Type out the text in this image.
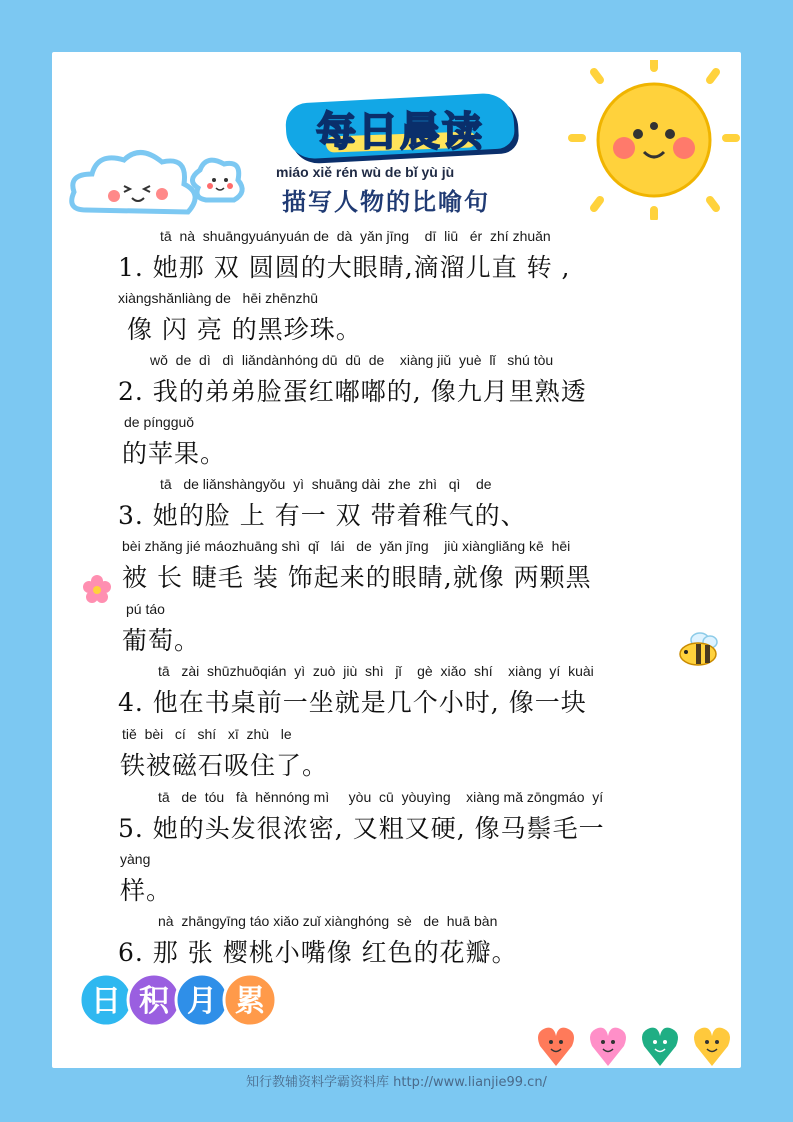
每日晨读
miáo xiě rén wù de bǐ yù jù
描写人物的比喻句
tā  nà  shuāngyuányuán de  dà  yǎn jīng    dī  liū   ér  zhí zhuǎn
1. 她那 双 圆圆的大眼睛,滴溜儿直 转 ,
xiàngshǎnliàng de   hēi zhēnzhū
像 闪 亮 的黑珍珠。
wǒ  de  dì   dì  liǎndànhóng dū  dū  de    xiàng jiǔ  yuè  lǐ   shú tòu
2. 我的弟弟脸蛋红嘟嘟的, 像九月里熟透
de píngguǒ
的苹果。
tā   de liǎnshàngyǒu  yì  shuāng dài  zhe  zhì   qì    de
3. 她的脸 上 有一 双 带着稚气的、
bèi zhǎng jié máozhuāng shì  qǐ   lái   de  yǎn jīng    jiù xiàngliǎng kē  hēi
被 长 睫毛 装 饰起来的眼睛,就像 两颗黑
pú táo
葡萄。
tā   zài  shūzhuōqián  yì  zuò  jiù  shì   jǐ    gè  xiǎo  shí    xiàng  yí  kuài
4. 他在书桌前一坐就是几个小时, 像一块
tiě  bèi   cí   shí   xī  zhù   le
铁被磁石吸住了。
tā   de  tóu   fà  hěnnóng mì     yòu  cū  yòuyìng    xiàng mǎ zōngmáo  yí
5. 她的头发很浓密, 又粗又硬, 像马鬃毛一
yàng
样。
nà  zhāngyīng táo xiǎo zuǐ xiànghóng  sè   de  huā bàn
6. 那 张 樱桃小嘴像 红色的花瓣。
日 积 月 累
知行教辅资料学霸资料库 http://www.lianjie99.cn/
